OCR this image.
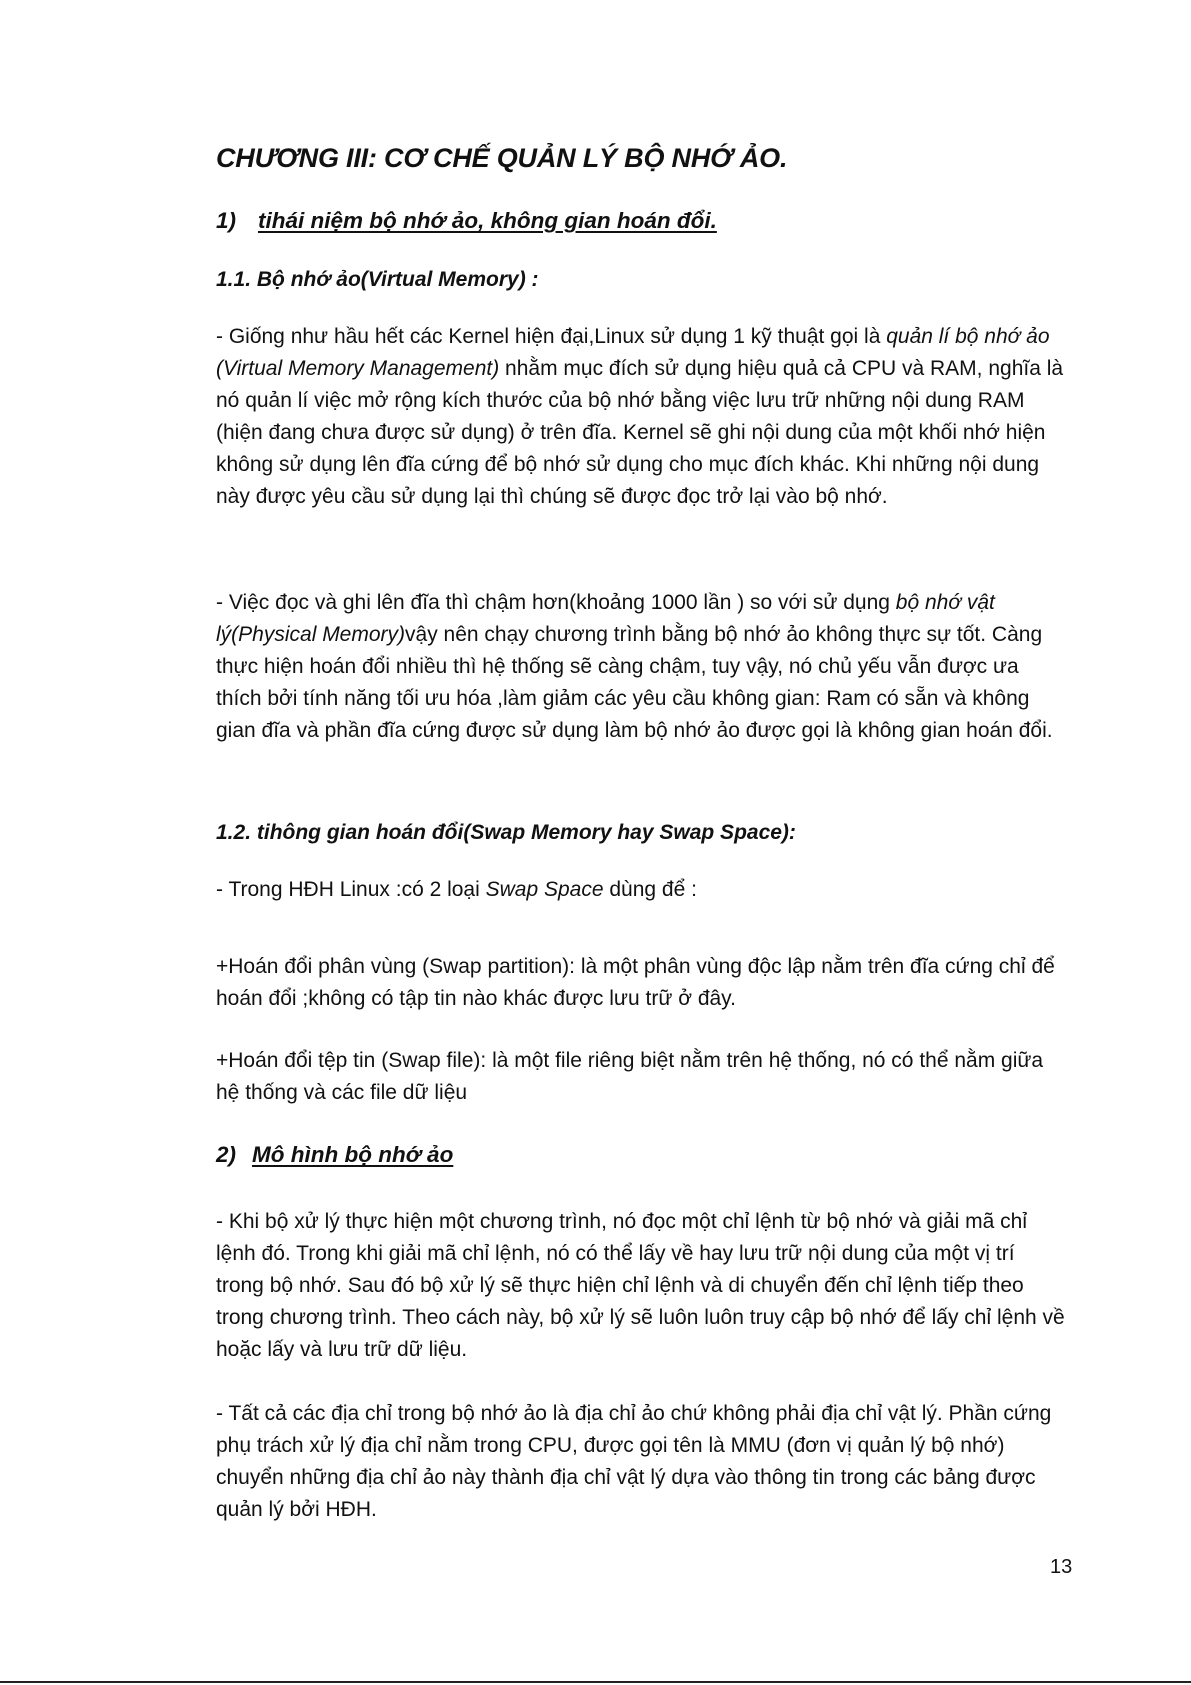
CHƯƠNG III: CƠ CHẾ QUẢN LÝ BỘ NHỚ ẢO.
1) tihái niệm bộ nhớ ảo, không gian hoán đổi.
1.1. Bộ nhớ ảo(Virtual Memory) :

- Giống như hầu hết các Kernel hiện đại,Linux sử dụng 1 kỹ thuật gọi là quản lí bộ nhớ ảo (Virtual Memory Management) nhằm mục đích sử dụng hiệu quả cả CPU và RAM, nghĩa là nó quản lí việc mở rộng kích thước của bộ nhớ bằng việc lưu trữ những nội dung RAM (hiện đang chưa được sử dụng) ở trên đĩa. Kernel sẽ ghi nội dung của một khối nhớ hiện không sử dụng lên đĩa cứng để bộ nhớ sử dụng cho mục đích khác. Khi những nội dung này được yêu cầu sử dụng lại thì chúng sẽ được đọc trở lại vào bộ nhớ.

- Việc đọc và ghi lên đĩa thì chậm hơn(khoảng 1000 lần ) so với sử dụng bộ nhớ vật lý(Physical Memory)vậy nên chạy chương trình bằng bộ nhớ ảo không thực sự tốt. Càng thực hiện hoán đổi nhiều thì hệ thống sẽ càng chậm, tuy vậy, nó chủ yếu vẫn được ưa thích bởi tính năng tối ưu hóa ,làm giảm các yêu cầu không gian: Ram có sẵn và không gian đĩa và phần đĩa cứng được sử dụng làm bộ nhớ ảo được gọi là không gian hoán đổi.

1.2. tihông gian hoán đổi(Swap Memory hay Swap Space):

- Trong HĐH Linux :có 2 loại Swap Space dùng để :

+Hoán đổi phân vùng (Swap partition): là một phân vùng độc lập nằm trên đĩa cứng chỉ để hoán đổi ;không có tập tin nào khác được lưu trữ ở đây.

+Hoán đổi tệp tin (Swap file): là một file riêng biệt nằm trên hệ thống, nó có thể nằm giữa hệ thống và các file dữ liệu

2) Mô hình bộ nhớ ảo

- Khi bộ xử lý thực hiện một chương trình, nó đọc một chỉ lệnh từ bộ nhớ và giải mã chỉ lệnh đó. Trong khi giải mã chỉ lệnh, nó có thể lấy về hay lưu trữ nội dung của một vị trí trong bộ nhớ. Sau đó bộ xử lý sẽ thực hiện chỉ lệnh và di chuyển đến chỉ lệnh tiếp theo trong chương trình. Theo cách này, bộ xử lý sẽ luôn luôn truy cập bộ nhớ để lấy chỉ lệnh về hoặc lấy và lưu trữ dữ liệu.

- Tất cả các địa chỉ trong bộ nhớ ảo là địa chỉ ảo chứ không phải địa chỉ vật lý. Phần cứng phụ trách xử lý địa chỉ nằm trong CPU, được gọi tên là MMU (đơn vị quản lý bộ nhớ) chuyển những địa chỉ ảo này thành địa chỉ vật lý dựa vào thông tin trong các bảng được quản lý bởi HĐH.

13
